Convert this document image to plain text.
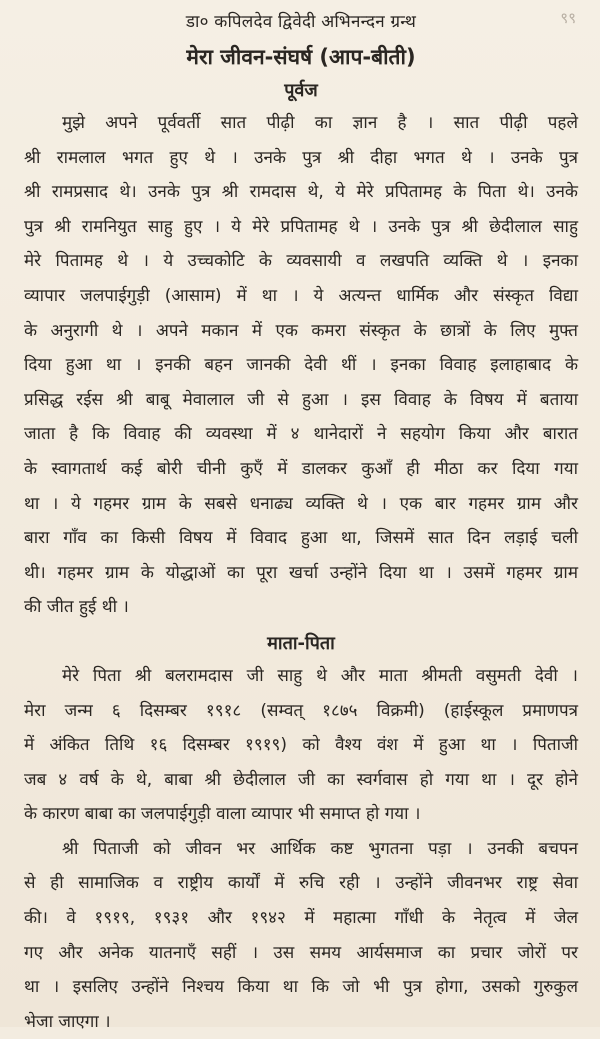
९९
डा० कपिलदेव द्विवेदी अभिनन्दन ग्रन्थ
मेरा जीवन-संघर्ष (आप-बीती)
पूर्वज
मुझे अपने पूर्ववर्ती सात पीढ़ी का ज्ञान है । सात पीढ़ी पहले
श्री रामलाल भगत हुए थे । उनके पुत्र श्री दीहा भगत थे । उनके पुत्र
श्री रामप्रसाद थे। उनके पुत्र श्री रामदास थे, ये मेरे प्रपितामह के पिता थे। उनके
पुत्र श्री रामनियुत साहु हुए । ये मेरे प्रपितामह थे । उनके पुत्र श्री छेदीलाल साहु
मेरे पितामह थे । ये उच्चकोटि के व्यवसायी व लखपति व्यक्ति थे । इनका
व्यापार जलपाईगुड़ी (आसाम) में था । ये अत्यन्त धार्मिक और संस्कृत विद्या
के अनुरागी थे । अपने मकान में एक कमरा संस्कृत के छात्रों के लिए मुफ्त
दिया हुआ था । इनकी बहन जानकी देवी थीं । इनका विवाह इलाहाबाद के
प्रसिद्ध रईस श्री बाबू मेवालाल जी से हुआ । इस विवाह के विषय में बताया
जाता है कि विवाह की व्यवस्था में ४ थानेदारों ने सहयोग किया और बारात
के स्वागतार्थ कई बोरी चीनी कुएँ में डालकर कुआँ ही मीठा कर दिया गया
था । ये गहमर ग्राम के सबसे धनाढ्य व्यक्ति थे । एक बार गहमर ग्राम और
बारा गाँव का किसी विषय में विवाद हुआ था, जिसमें सात दिन लड़ाई चली
थी। गहमर ग्राम के योद्धाओं का पूरा खर्चा उन्होंने दिया था । उसमें गहमर ग्राम
की जीत हुई थी ।
माता-पिता
मेरे पिता श्री बलरामदास जी साहु थे और माता श्रीमती वसुमती देवी ।
मेरा जन्म ६ दिसम्बर १९१८ (सम्वत् १८७५ विक्रमी) (हाईस्कूल प्रमाणपत्र
में अंकित तिथि १६ दिसम्बर १९१९) को वैश्य वंश में हुआ था । पिताजी
जब ४ वर्ष के थे, बाबा श्री छेदीलाल जी का स्वर्गवास हो गया था । दूर होने
के कारण बाबा का जलपाईगुड़ी वाला व्यापार भी समाप्त हो गया ।
श्री पिताजी को जीवन भर आर्थिक कष्ट भुगतना पड़ा । उनकी बचपन
से ही सामाजिक व राष्ट्रीय कार्यों में रुचि रही । उन्होंने जीवनभर राष्ट्र सेवा
की। वे १९१९, १९३१ और १९४२ में महात्मा गाँधी के नेतृत्व में जेल
गए और अनेक यातनाएँ सहीं । उस समय आर्यसमाज का प्रचार जोरों पर
था । इसलिए उन्होंने निश्चय किया था कि जो भी पुत्र होगा, उसको गुरुकुल
भेजा जाएगा ।
